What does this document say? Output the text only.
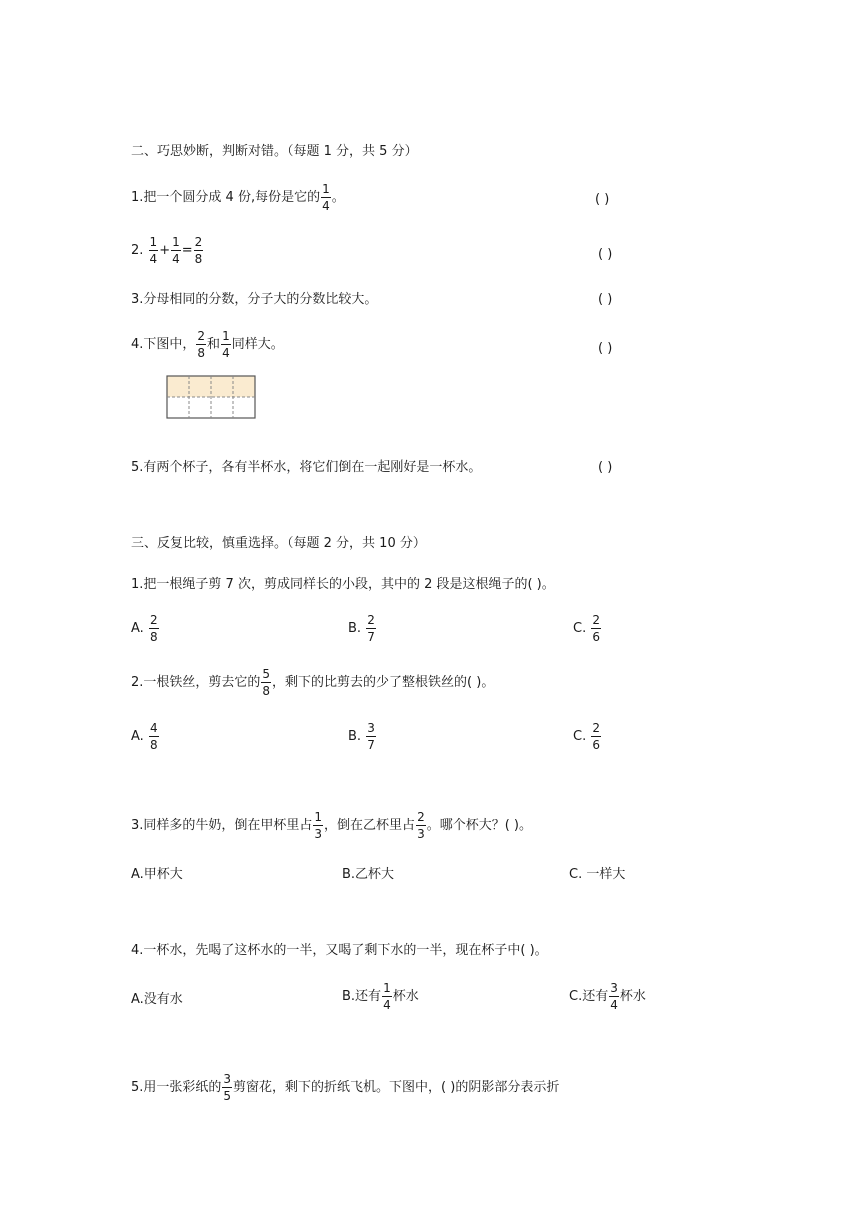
二、巧思妙断，判断对错。（每题 1 分，共 5 分）
1.把一个圆分成 4 份,每份是它的 $\frac{1}{4}$ 。	( )
2. $\frac{1}{4} + \frac{1}{4} = \frac{2}{8}$	( )
3.分母相同的分数，分子大的分数比较大。	( )
4.下图中， $\frac{2}{8}$ 和 $\frac{1}{4}$ 同样大。	( )
5.有两个杯子，各有半杯水，将它们倒在一起刚好是一杯水。	( )
三、反复比较，慎重选择。（每题 2 分，共 10 分）
1.把一根绳子剪 7 次，剪成同样长的小段，其中的 2 段是这根绳子的( )。
A. $\frac{2}{8}$	B. $\frac{2}{7}$	C. $\frac{2}{6}$
2.一根铁丝，剪去它的 $\frac{5}{8}$ ，剩下的比剪去的少了整根铁丝的( )。
A. $\frac{4}{8}$	B. $\frac{3}{7}$	C. $\frac{2}{6}$
3.同样多的牛奶，倒在甲杯里占 $\frac{1}{3}$ ，倒在乙杯里占 $\frac{2}{3}$ 。哪个杯大？( )。
A.甲杯大	B.乙杯大	C. 一样大
4.一杯水，先喝了这杯水的一半，又喝了剩下水的一半，现在杯子中( )。
A.没有水	B.还有 $\frac{1}{4}$ 杯水	C.还有 $\frac{3}{4}$ 杯水
5.用一张彩纸的 $\frac{3}{5}$ 剪窗花，剩下的折纸飞机。下图中，( )的阴影部分表示折
